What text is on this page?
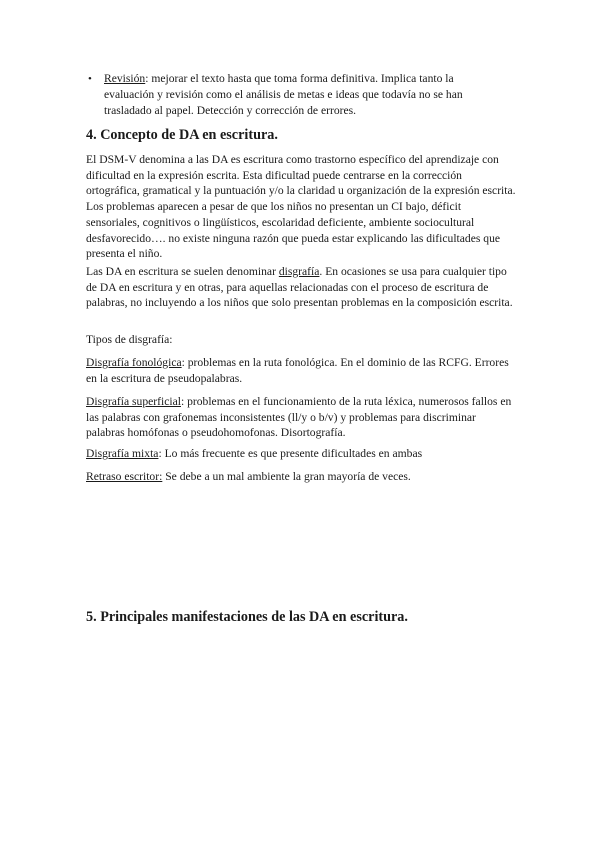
• Revisión: mejorar el texto hasta que toma forma definitiva. Implica tanto la evaluación y revisión como el análisis de metas e ideas que todavía no se han trasladado al papel. Detección y corrección de errores.
4. Concepto de DA en escritura.
El DSM-V denomina a las DA es escritura como trastorno específico del aprendizaje con dificultad en la expresión escrita. Esta dificultad puede centrarse en la corrección ortográfica, gramatical y la puntuación y/o la claridad u organización de la expresión escrita. Los problemas aparecen a pesar de que los niños no presentan un CI bajo, déficit sensoriales, cognitivos o lingüísticos, escolaridad deficiente, ambiente sociocultural desfavorecido…. no existe ninguna razón que pueda estar explicando las dificultades que presenta el niño.
Las DA en escritura se suelen denominar disgrafía. En ocasiones se usa para cualquier tipo de DA en escritura y en otras, para aquellas relacionadas con el proceso de escritura de palabras, no incluyendo a los niños que solo presentan problemas en la composición escrita.
Tipos de disgrafía:
Disgrafía fonológica: problemas en la ruta fonológica. En el dominio de las RCFG. Errores en la escritura de pseudopalabras.
Disgrafía superficial: problemas en el funcionamiento de la ruta léxica, numerosos fallos en las palabras con grafonemas inconsistentes (ll/y o b/v) y problemas para discriminar palabras homófonas o pseudohomofonas. Disortografía.
Disgrafía mixta: Lo más frecuente es que presente dificultades en ambas
Retraso escritor: Se debe a un mal ambiente la gran mayoría de veces.
5. Principales manifestaciones de las DA en escritura.
